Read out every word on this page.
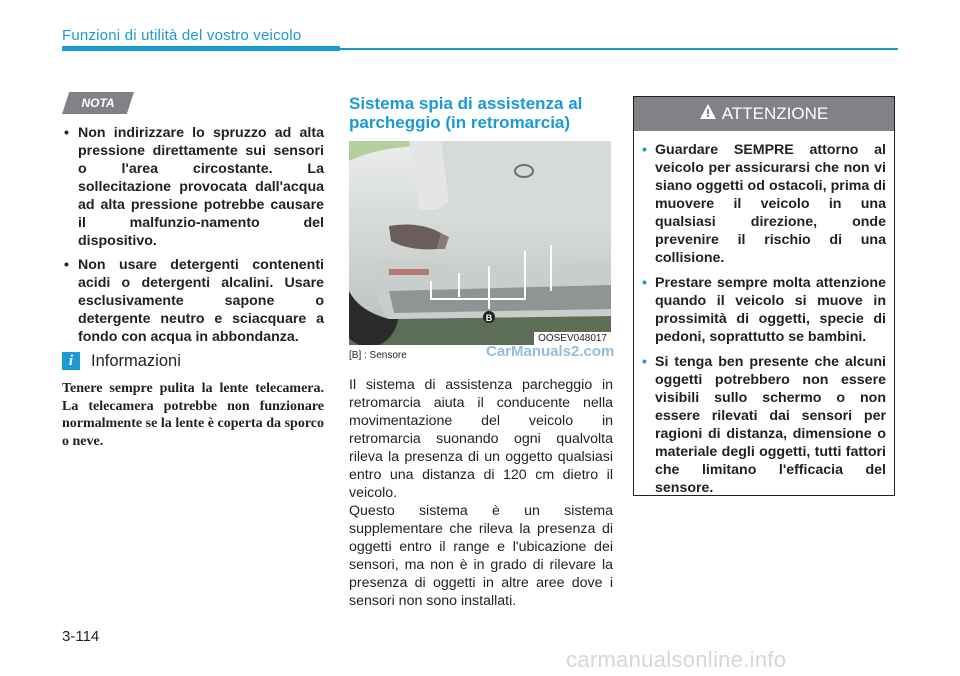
Funzioni di utilità del vostro veicolo
NOTA
• Non indirizzare lo spruzzo ad alta pressione direttamente sui sensori o l'area circostante. La sollecitazione provocata dall'acqua ad alta pressione potrebbe causare il malfunzio-namento del dispositivo.
• Non usare detergenti contenenti acidi o detergenti alcalini. Usare esclusivamente sapone o detergente neutro e sciacquare a fondo con acqua in abbondanza.
i	Informazioni

Tenere sempre pulita la lente telecamera. La telecamera potrebbe non funzionare normalmente se la lente è coperta da sporco o neve.

Sistema spia di assistenza al parcheggio (in retromarcia)
B
OOSEV048017
[B] : Sensore	CarManuals2.com

Il sistema di assistenza parcheggio in retromarcia aiuta il conducente nella movimentazione del veicolo in retromarcia suonando ogni qualvolta rileva la presenza di un oggetto qualsiasi entro una distanza di 120 cm dietro il veicolo.

Questo sistema è un sistema supplementare che rileva la presenza di oggetti entro il range e l'ubicazione dei sensori, ma non è in grado di rilevare la presenza di oggetti in altre aree dove i sensori non sono installati.

ATTENZIONE
• Guardare SEMPRE attorno al veicolo per assicurarsi che non vi siano oggetti od ostacoli, prima di muovere il veicolo in una qualsiasi direzione, onde prevenire il rischio di una collisione.
• Prestare sempre molta attenzione quando il veicolo si muove in prossimità di oggetti, specie di pedoni, soprattutto se bambini.
• Si tenga ben presente che alcuni oggetti potrebbero non essere visibili sullo schermo o non essere rilevati dai sensori per ragioni di distanza, dimensione o materiale degli oggetti, tutti fattori che limitano l'efficacia del sensore.
3-114
carmanualsonline.info
